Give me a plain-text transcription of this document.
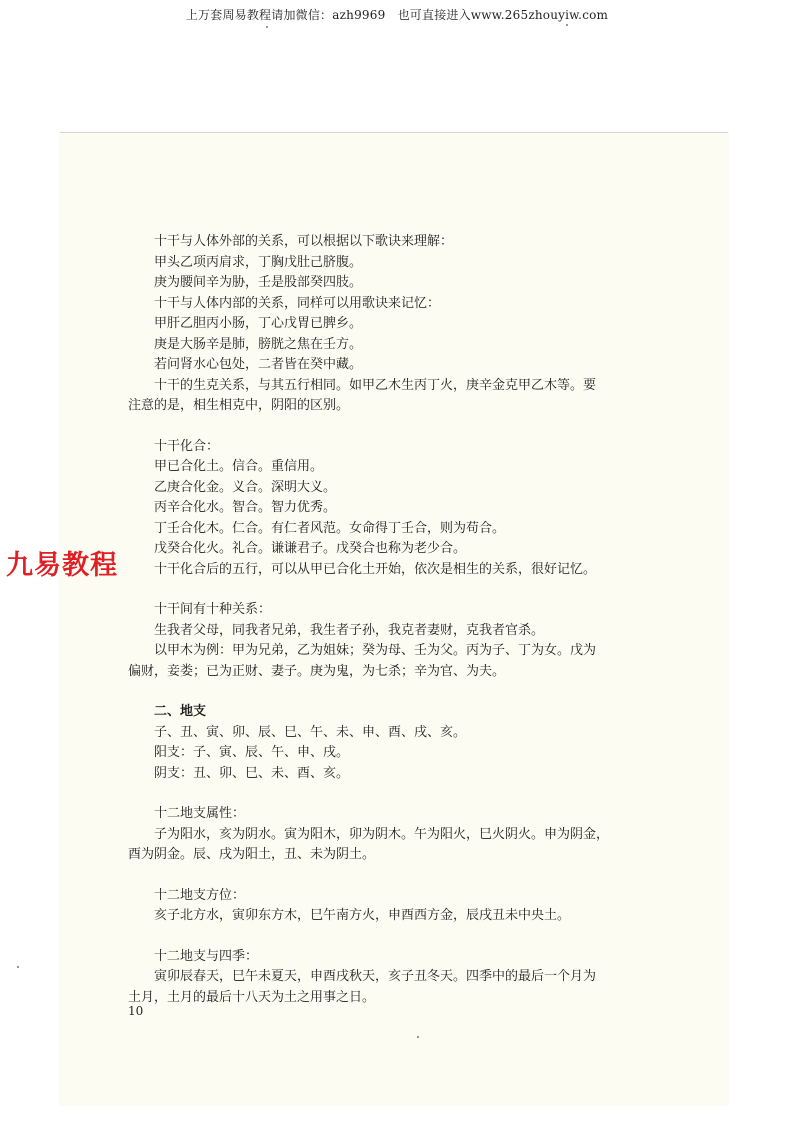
上万套周易教程请加微信：azh9969　也可直接进入www.265zhouyiw.com

十干与人体外部的关系，可以根据以下歌诀来理解：

甲头乙项丙肩求，丁胸戊肚己脐腹。

庚为腰间辛为胁，壬是股部癸四肢。

十干与人体内部的关系，同样可以用歌诀来记忆：

甲肝乙胆丙小肠，丁心戊胃已脾乡。

庚是大肠辛是肺，膀胱之焦在壬方。

若问肾水心包处，二者皆在癸中藏。

十干的生克关系，与其五行相同。如甲乙木生丙丁火，庚辛金克甲乙木等。要

注意的是，相生相克中，阴阳的区别。

十干化合：

甲已合化土。信合。重信用。

乙庚合化金。义合。深明大义。

丙辛合化水。智合。智力优秀。

丁壬合化木。仁合。有仁者风范。女命得丁壬合，则为苟合。

戊癸合化火。礼合。谦谦君子。戊癸合也称为老少合。

十干化合后的五行，可以从甲已合化土开始，依次是相生的关系，很好记忆。

十干间有十种关系：

生我者父母，同我者兄弟，我生者子孙，我克者妻财，克我者官杀。

以甲木为例：甲为兄弟，乙为姐妹；癸为母、壬为父。丙为子、丁为女。戊为

偏财，妾娄；已为正财、妻子。庚为鬼，为七杀；辛为官、为夫。

二、地支

子、丑、寅、卯、辰、巳、午、未、申、酉、戌、亥。

阳支：子、寅、辰、午、申、戌。

阴支：丑、卯、巳、未、酉、亥。

十二地支属性：

子为阳水，亥为阴水。寅为阳木，卯为阴木。午为阳火，巳火阴火。申为阴金，

酉为阴金。辰、戌为阳土，丑、未为阴土。

十二地支方位：

亥子北方水，寅卯东方木，巳午南方火，申酉西方金，辰戌丑未中央土。

十二地支与四季：

寅卯辰春天，巳午未夏天，申酉戌秋天，亥子丑冬天。四季中的最后一个月为

土月，土月的最后十八天为土之用事之日。

九易教程
10
